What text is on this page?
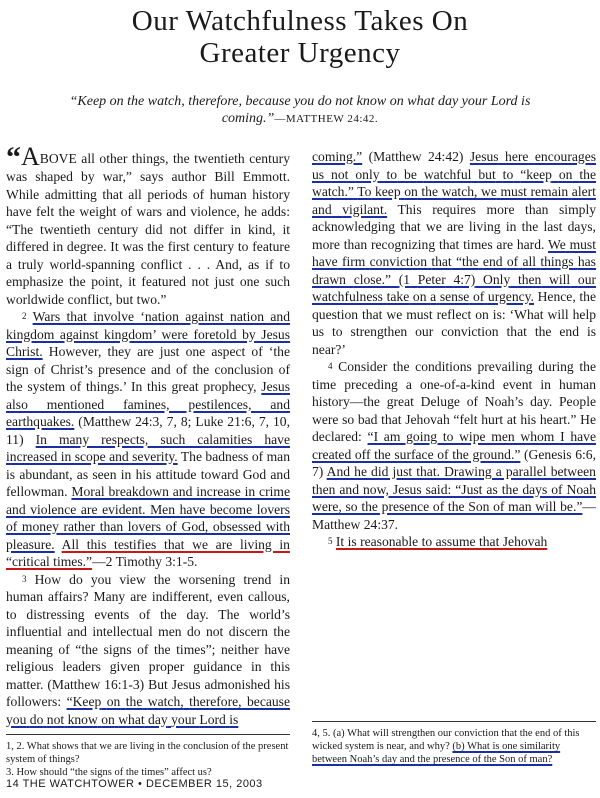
Our Watchfulness Takes On
Greater Urgency
“Keep on the watch, therefore, because you do not know on what day your Lord is coming.”—MATTHEW 24:42.

“ABOVE all other things, the twentieth century was shaped by war,” says author Bill Emmott. While admitting that all periods of human history have felt the weight of wars and violence, he adds: “The twentieth century did not differ in kind, it differed in degree. It was the first century to feature a truly world-spanning conflict . . . And, as if to emphasize the point, it featured not just one such worldwide conflict, but two.”

2 Wars that involve ‘nation against nation and kingdom against kingdom’ were foretold by Jesus Christ. However, they are just one aspect of ‘the sign of Christ’s presence and of the conclusion of the system of things.’ In this great prophecy, Jesus also mentioned famines, pestilences, and earthquakes. (Matthew 24:3, 7, 8; Luke 21:6, 7, 10, 11) In many respects, such calamities have increased in scope and severity. The badness of man is abundant, as seen in his attitude toward God and fellowman. Moral breakdown and increase in crime and violence are evident. Men have become lovers of money rather than lovers of God, obsessed with pleasure. All this testifies that we are living in “critical times.”—2 Timothy 3:1-5.

3 How do you view the worsening trend in human affairs? Many are indifferent, even callous, to distressing events of the day. The world’s influential and intellectual men do not discern the meaning of “the signs of the times”; neither have religious leaders given proper guidance in this matter. (Matthew 16:1-3) But Jesus admonished his followers: “Keep on the watch, therefore, because you do not know on what day your Lord is

coming.” (Matthew 24:42) Jesus here encourages us not only to be watchful but to “keep on the watch.” To keep on the watch, we must remain alert and vigilant. This requires more than simply acknowledging that we are living in the last days, more than recognizing that times are hard. We must have firm conviction that “the end of all things has drawn close.” (1 Peter 4:7) Only then will our watchfulness take on a sense of urgency. Hence, the question that we must reflect on is: ‘What will help us to strengthen our conviction that the end is near?’

4 Consider the conditions prevailing during the time preceding a one-of-a-kind event in human history—the great Deluge of Noah’s day. People were so bad that Jehovah “felt hurt at his heart.” He declared: “I am going to wipe men whom I have created off the surface of the ground.” (Genesis 6:6, 7) And he did just that. Drawing a parallel between then and now, Jesus said: “Just as the days of Noah were, so the presence of the Son of man will be.”—Matthew 24:37.

5 It is reasonable to assume that Jehovah

1, 2. What shows that we are living in the conclusion of the present system of things?

3. How should “the signs of the times” affect us?

4, 5. (a) What will strengthen our conviction that the end of this wicked system is near, and why? (b) What is one similarity between Noah’s day and the presence of the Son of man?

14 THE WATCHTOWER • DECEMBER 15, 2003
